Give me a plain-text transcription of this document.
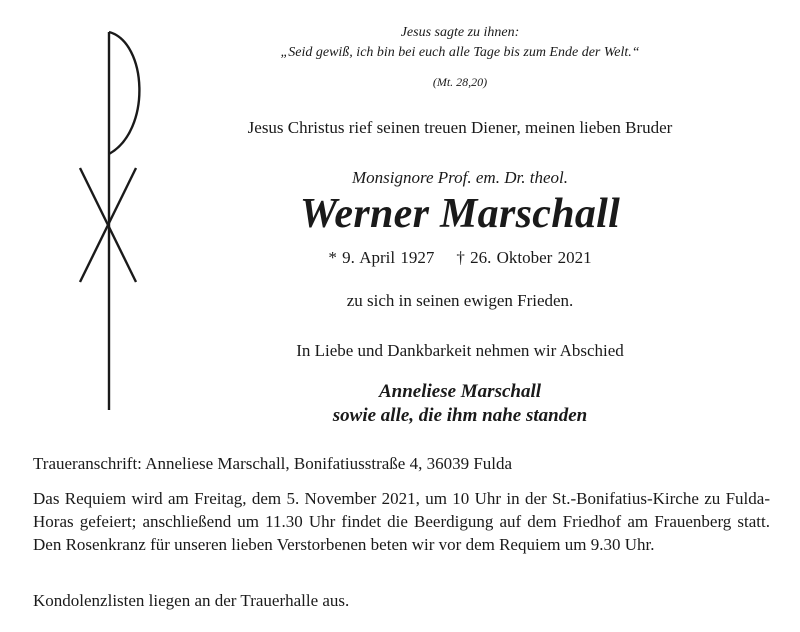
Jesus sagte zu ihnen:
„Seid gewiß, ich bin bei euch alle Tage bis zum Ende der Welt.“
(Mt. 28,20)
Jesus Christus rief seinen treuen Diener, meinen lieben Bruder
Monsignore Prof. em. Dr. theol.
Werner Marschall
* 9. April 1927 † 26. Oktober 2021
zu sich in seinen ewigen Frieden.
In Liebe und Dankbarkeit nehmen wir Abschied
Anneliese Marschall
sowie alle, die ihm nahe standen
Traueranschrift: Anneliese Marschall, Bonifatiusstraße 4, 36039 Fulda
Das Requiem wird am Freitag, dem 5. November 2021, um 10 Uhr in der St.-Bonifatius-Kirche zu Fulda-Horas gefeiert; anschließend um 11.30 Uhr findet die Beerdigung auf dem Friedhof am Frauenberg statt. Den Rosenkranz für unseren lieben Verstorbenen beten wir vor dem Requiem um 9.30 Uhr.
Kondolenzlisten liegen an der Trauerhalle aus.
